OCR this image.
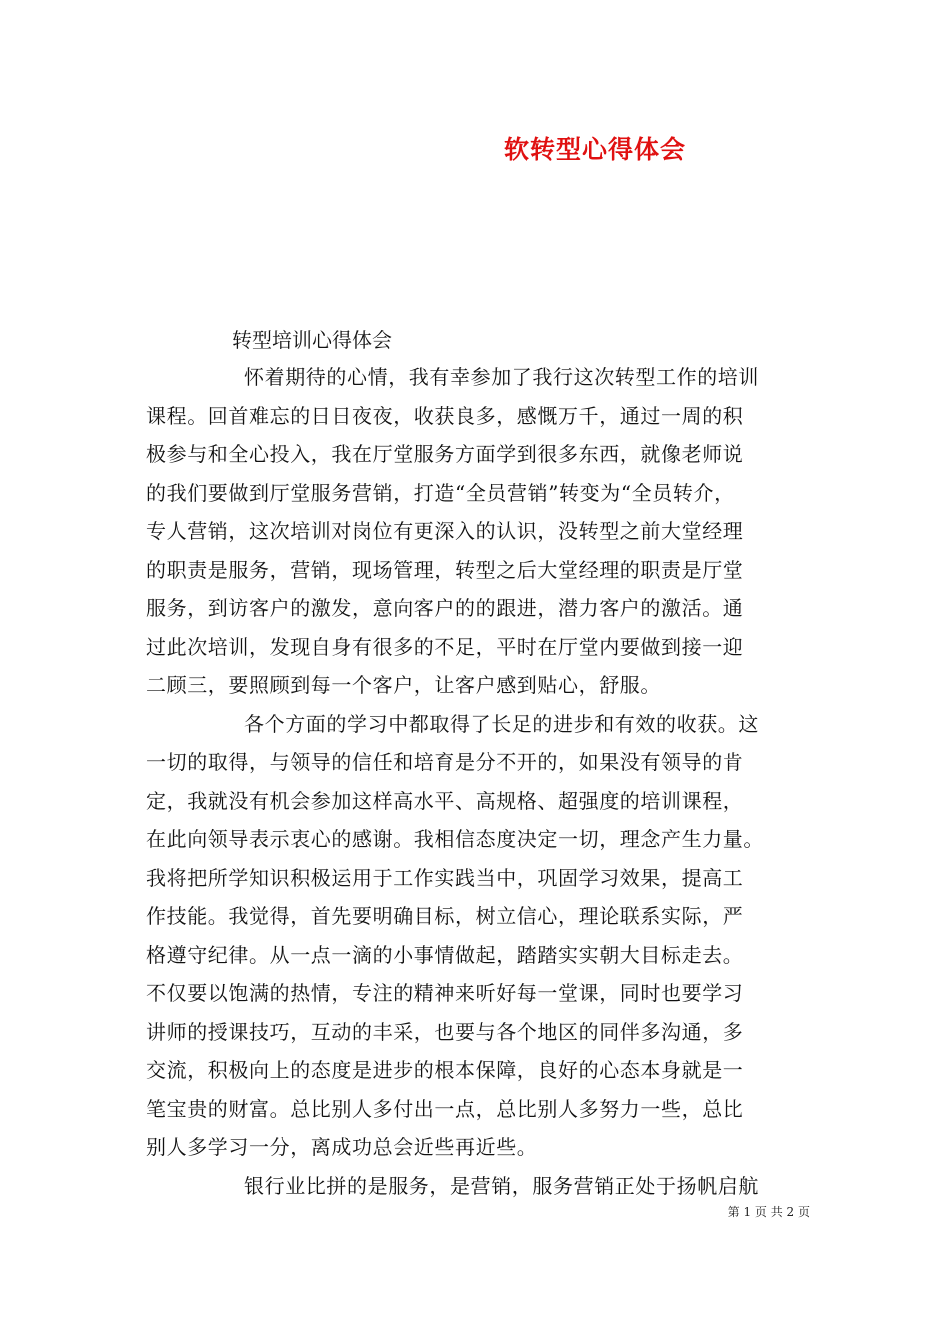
软转型心得体会
转型培训心得体会
怀着期待的心情，我有幸参加了我行这次转型工作的培训
课程。回首难忘的日日夜夜，收获良多，感慨万千，通过一周的积
极参与和全心投入，我在厅堂服务方面学到很多东西，就像老师说
的我们要做到厅堂服务营销，打造“全员营销”转变为“全员转介，
专人营销，这次培训对岗位有更深入的认识，没转型之前大堂经理
的职责是服务，营销，现场管理，转型之后大堂经理的职责是厅堂
服务，到访客户的激发，意向客户的的跟进，潜力客户的激活。通
过此次培训，发现自身有很多的不足，平时在厅堂内要做到接一迎
二顾三，要照顾到每一个客户，让客户感到贴心，舒服。
各个方面的学习中都取得了长足的进步和有效的收获。这
一切的取得，与领导的信任和培育是分不开的，如果没有领导的肯
定，我就没有机会参加这样高水平、高规格、超强度的培训课程，
在此向领导表示衷心的感谢。我相信态度决定一切，理念产生力量。
我将把所学知识积极运用于工作实践当中，巩固学习效果，提高工
作技能。我觉得，首先要明确目标，树立信心，理论联系实际，严
格遵守纪律。从一点一滴的小事情做起，踏踏实实朝大目标走去。
不仅要以饱满的热情，专注的精神来听好每一堂课，同时也要学习
讲师的授课技巧，互动的丰采，也要与各个地区的同伴多沟通，多
交流，积极向上的态度是进步的根本保障，良好的心态本身就是一
笔宝贵的财富。总比别人多付出一点，总比别人多努力一些，总比
别人多学习一分，离成功总会近些再近些。
银行业比拼的是服务，是营销，服务营销正处于扬帆启航
第 1 页 共 2 页
